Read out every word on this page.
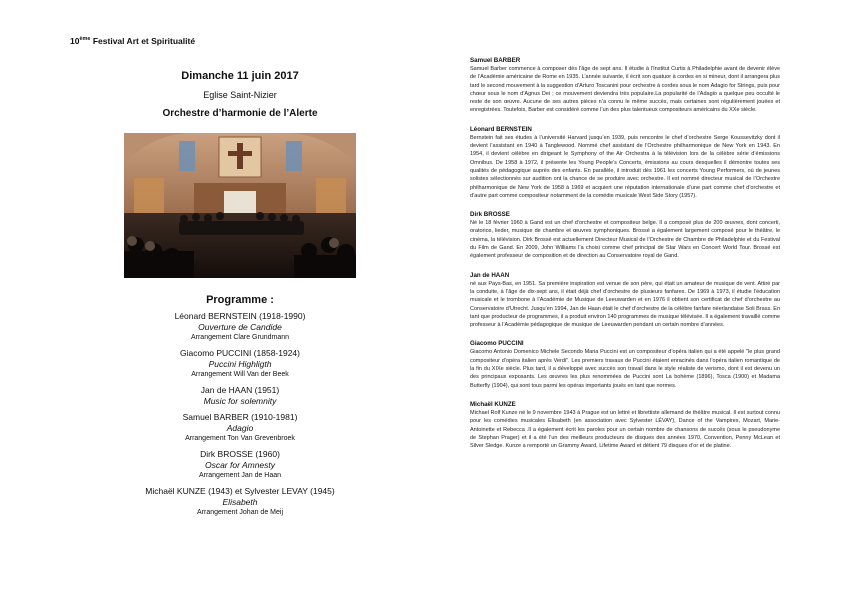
10ème Festival Art et Spiritualité
Dimanche 11 juin 2017
Eglise Saint-Nizier
Orchestre d’harmonie de l’Alerte
Programme :
Léonard BERNSTEIN (1918-1990)
Ouverture de Candide
Arrangement Clare Grundmann
Giacomo PUCCINI (1858-1924)
Puccini Highligth
Arrangement Will Van der Beek
Jan de HAAN (1951)
Music for solemnity
Samuel BARBER (1910-1981)
Adagio
Arrangement Ton Van Grevenbroek
Dirk BROSSE (1960)
Oscar for Amnesty
Arrangement Jan de Haan
Michaël KUNZE (1943) et Sylvester LEVAY (1945)
Elisabeth
Arrangement Johan de Meij
Samuel BARBER
Samuel Barber commence à composer dès l’âge de sept ans. Il étudie à l’Institut Curtis à Philadelphie avant de devenir élève de l’Académie américaine de Rome en 1935. L’année suivante, il écrit son quatuor à cordes en si mineur, dont il arrangera plus tard le second mouvement à la suggestion d’Arturo Toscanini pour orchestre à cordes sous le nom Adagio for Strings, puis pour chœur sous le nom d’Agnus Dei ; ce mouvement deviendra très populaire.La popularité de l’Adagio a quelque peu occulté le reste de son œuvre. Aucune de ses autres pièces n’a connu le même succès, mais certaines sont régulièrement jouées et enregistrées. Toutefois, Barber est considéré comme l’un des plus talentueux compositeurs américains du XXe siècle.
Léonard BERNSTEIN
Bernstein fait ses études à l’université Harvard jusqu’en 1939, puis rencontre le chef d’orchestre Serge Koussevitzky dont il devient l’assistant en 1940 à Tanglewood. Nommé chef assistant de l’Orchestre philharmonique de New York en 1943. En 1954, il devient célèbre en dirigeant le Symphony of the Air Orchestra à la télévision lors de la célèbre série d’émissions Omnibus. De 1958 à 1972, il présente les Young People’s Concerts, émissions au cours desquelles il démontre toutes ses qualités de pédagogique auprès des enfants. En parallèle, il introduit dès 1961 les concerts Young Performers, où de jeunes solistes sélectionnés sur audition ont la chance de se produire avec orchestre. Il est nommé directeur musical de l’Orchestre philharmonique de New York de 1958 à 1969 et acquiert une réputation internationale d’une part comme chef d’orchestre et d’autre part comme compositeur notamment de la comédie musicale West Side Story (1957).
Dirk BROSSE
Né le 18 février 1960 à Gand est un chef d’orchestre et compositeur belge. Il a composé plus de 200 œuvres, dont concerti, oratorios, lieder, musique de chambre et œuvres symphoniques. Brossé a également largement composé pour le théâtre, le cinéma, la télévision. Dirk Brossé est actuellement Directeur Musical de l’Orchestre de Chambre de Philadelphie et du Festival du Film de Gand. En 2009, John Williams l’a choisi comme chef principal de Star Wars en Concert World Tour. Brossé est également professeur de composition et de direction au Conservatoire royal de Gand.
Jan de HAAN
né aux Pays-Bas, en 1951. Sa première inspiration est venue de son père, qui était un amateur de musique de vent. Attiré par la conduite, à l’âge de dix-sept ans, il était déjà chef d’orchestre de plusieurs fanfares. De 1969 à 1973, il étudie l’éducation musicale et le trombone à l’Académie de Musique de Leeuwarden et en 1976 il obtient son certificat de chef d’orchestre au Conservatoire d’Utrecht. Jusqu’en 1994, Jan de Haan était le chef d’orchestre de la célèbre fanfare néerlandaise Soli Brass. En tant que producteur de programmes, il a produit environ 140 programmes de musique télévisée. Il a également travaillé comme professeur à l’Académie pédagogique de musique de Leeuwarden pendant un certain nombre d’années.
Giacomo PUCCINI
Giacomo Antonio Domenico Michele Secondo Maria Puccini est un compositeur d’opéra italien qui a été appelé "le plus grand compositeur d’opéra italien après Verdi". Les premiers travaux de Puccini étaient enracinés dans l’opéra italien romantique de la fin du XIXe siècle. Plus tard, il a développé avec succès son travail dans le style réaliste de verismo, dont il est devenu un des principaux exposants. Les œuvres les plus renommées de Puccini sont La bohème (1896), Tosca (1900) et Madama Butterfly (1904), qui sont tous parmi les opéras importants joués en tant que normes.
Michaël KUNZE
Michael Rolf Kunze né le 9 novembre 1943 à Prague est un lettré et librettiste allemand de théâtre musical. Il est surtout connu pour les comédies musicales Elisabeth (en association avec Sylvester LÉVAY), Dance of the Vampires, Mozart, Marie-Antoinette et Rebecca .Il a également écrit les paroles pour un certain nombre de chansons de succès (sous le pseudonyme de Stephan Prager) et il a été l’un des meilleurs producteurs de disques des années 1970, Convention, Penny McLean et Silver Sledge. Kunze a remporté un Grammy Award, Lifetime Award et détient 79 disques d’or et de platine.
